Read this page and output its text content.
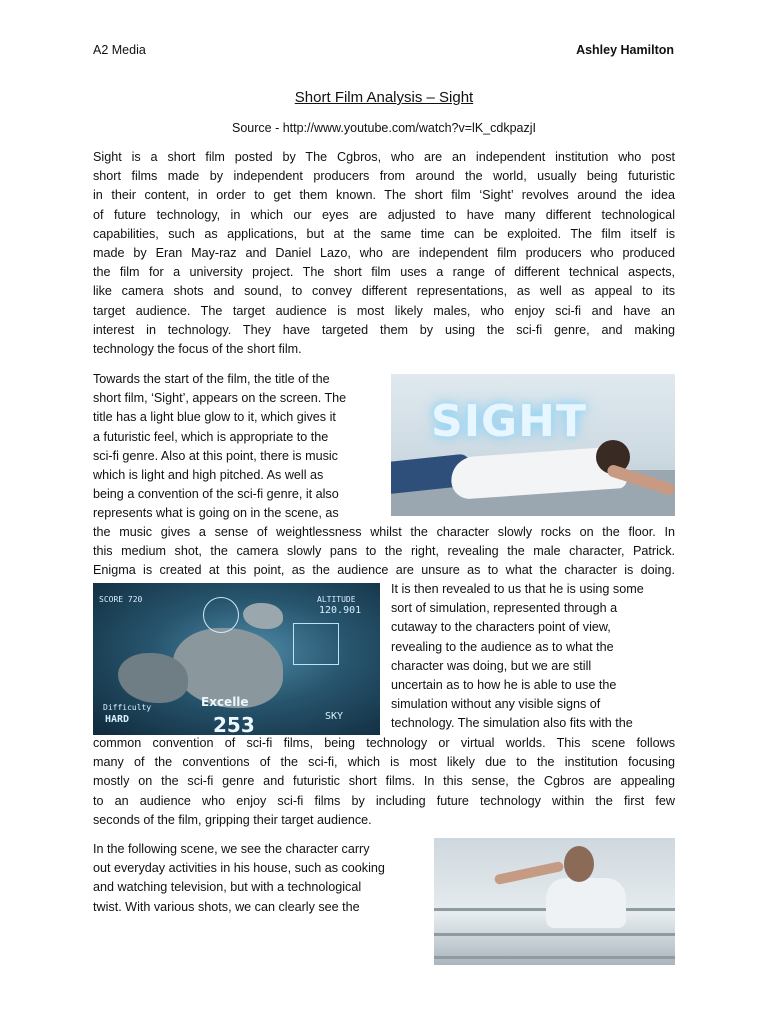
A2 Media	Ashley Hamilton
Short Film Analysis – Sight
Source - http://www.youtube.com/watch?v=lK_cdkpazjI
Sight is a short film posted by The Cgbros, who are an independent institution who post
short films made by independent producers from around the world, usually being futuristic
in their content, in order to get them known. The short film ‘Sight’ revolves around the idea
of future technology, in which our eyes are adjusted to have many different technological
capabilities, such as applications, but at the same time can be exploited. The film itself is
made by Eran May-raz and Daniel Lazo, who are independent film producers who produced
the film for a university project. The short film uses a range of different technical aspects,
like camera shots and sound, to convey different representations, as well as appeal to its
target audience. The target audience is most likely males, who enjoy sci-fi and have an
interest in technology. They have targeted them by using the sci-fi genre, and making
technology the focus of the short film.
Towards the start of the film, the title of the
short film, ‘Sight’, appears on the screen. The
title has a light blue glow to it, which gives it
a futuristic feel, which is appropriate to the
sci-fi genre. Also at this point, there is music
which is light and high pitched. As well as
being a convention of the sci-fi genre, it also
represents what is going on in the scene, as
SIGHT
the music gives a sense of weightlessness whilst the character slowly rocks on the floor. In
this medium shot, the camera slowly pans to the right, revealing the male character, Patrick.
Enigma is created at this point, as the audience are unsure as to what the character is doing.
SCORE 720	ALTITUDE
120.901
Difficulty
HARD
Excelle
253	SKY
It is then revealed to us that he is using some
sort of simulation, represented through a
cutaway to the characters point of view,
revealing to the audience as to what the
character was doing, but we are still
uncertain as to how he is able to use the
simulation without any visible signs of
technology. The simulation also fits with the
common convention of sci-fi films, being technology or virtual worlds. This scene follows
many of the conventions of the sci-fi, which is most likely due to the institution focusing
mostly on the sci-fi genre and futuristic short films. In this sense, the Cgbros are appealing
to an audience who enjoy sci-fi films by including future technology within the first few
seconds of the film, gripping their target audience.
In the following scene, we see the character carry
out everyday activities in his house, such as cooking
and watching television, but with a technological
twist. With various shots, we can clearly see the
